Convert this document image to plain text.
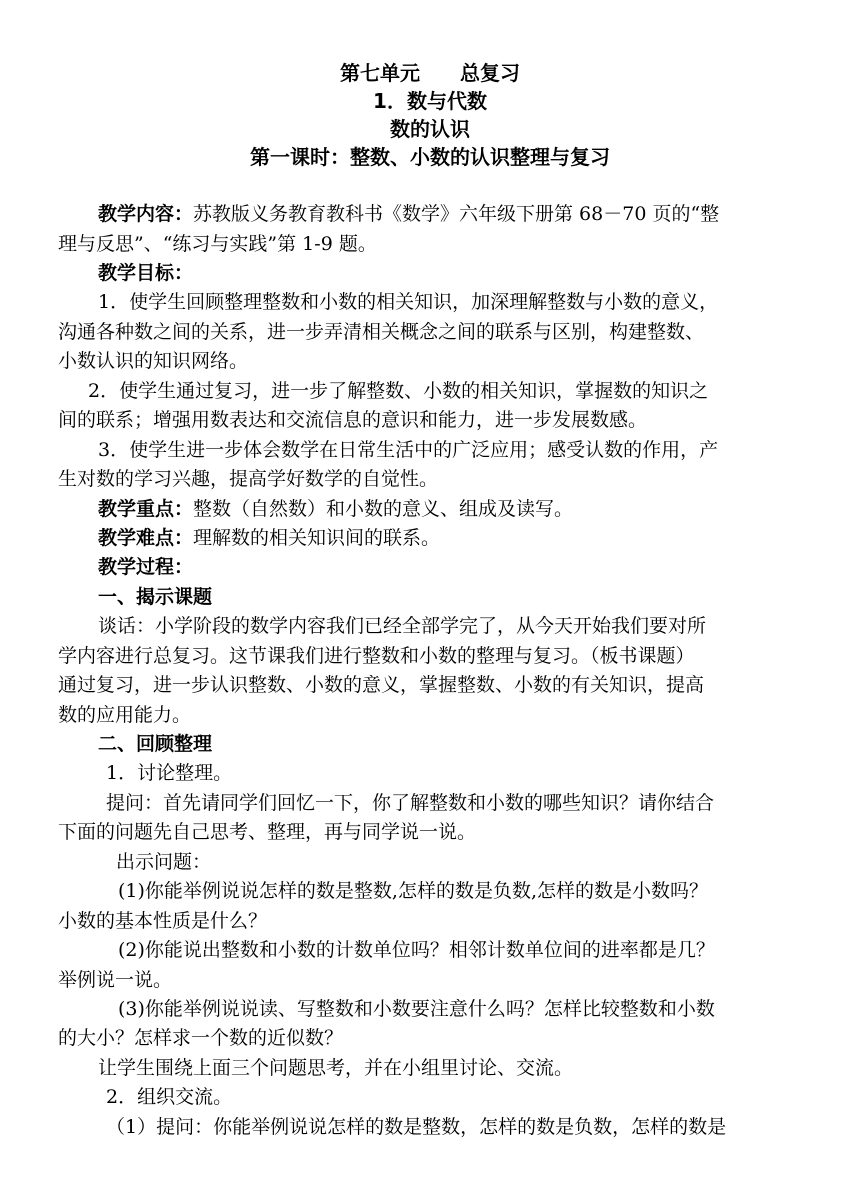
第七单元　　总复习
1．数与代数
数的认识
第一课时：整数、小数的认识整理与复习
教学内容：苏教版义务教育教科书《数学》六年级下册第 68－70 页的“整
理与反思”、“练习与实践”第 1-9 题。
教学目标：
1．使学生回顾整理整数和小数的相关知识，加深理解整数与小数的意义，
沟通各种数之间的关系，进一步弄清相关概念之间的联系与区别，构建整数、
小数认识的知识网络。
2．使学生通过复习，进一步了解整数、小数的相关知识，掌握数的知识之
间的联系；增强用数表达和交流信息的意识和能力，进一步发展数感。
3．使学生进一步体会数学在日常生活中的广泛应用；感受认数的作用，产
生对数的学习兴趣，提高学好数学的自觉性。
教学重点：整数（自然数）和小数的意义、组成及读写。
教学难点：理解数的相关知识间的联系。
教学过程：
一、揭示课题
谈话：小学阶段的数学内容我们已经全部学完了，从今天开始我们要对所
学内容进行总复习。这节课我们进行整数和小数的整理与复习。（板书课题）
通过复习，进一步认识整数、小数的意义，掌握整数、小数的有关知识，提高
数的应用能力。
二、回顾整理
1．讨论整理。
提问：首先请同学们回忆一下，你了解整数和小数的哪些知识？请你结合
下面的问题先自己思考、整理，再与同学说一说。
出示问题：
(1)你能举例说说怎样的数是整数,怎样的数是负数,怎样的数是小数吗？
小数的基本性质是什么？
(2)你能说出整数和小数的计数单位吗？相邻计数单位间的进率都是几？
举例说一说。
(3)你能举例说说读、写整数和小数要注意什么吗？怎样比较整数和小数
的大小？怎样求一个数的近似数？
让学生围绕上面三个问题思考，并在小组里讨论、交流。
2．组织交流。
（1）提问：你能举例说说怎样的数是整数，怎样的数是负数，怎样的数是
